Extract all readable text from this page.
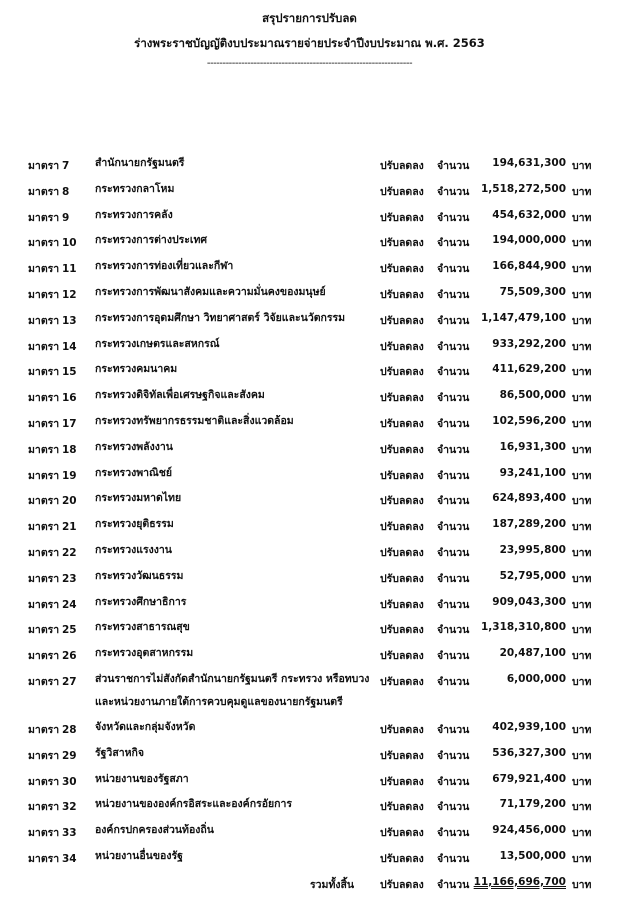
สรุปรายการปรับลด
ร่างพระราชบัญญัติงบประมาณรายจ่ายประจำปีงบประมาณ พ.ศ. 2563
------------------------------------------------------------------
มาตรา 7 สำนักนายกรัฐมนตรี	ปรับลดลง จำนวน 194,631,300 บาท
มาตรา 8 กระทรวงกลาโหม	ปรับลดลง จำนวน 1,518,272,500 บาท
มาตรา 9 กระทรวงการคลัง	ปรับลดลง จำนวน 454,632,000 บาท
มาตรา 10 กระทรวงการต่างประเทศ	ปรับลดลง จำนวน 194,000,000 บาท
มาตรา 11 กระทรวงการท่องเที่ยวและกีฬา	ปรับลดลง จำนวน 166,844,900 บาท
มาตรา 12 กระทรวงการพัฒนาสังคมและความมั่นคงของมนุษย์	ปรับลดลง จำนวน	75,509,300 บาท
มาตรา 13 กระทรวงการอุดมศึกษา วิทยาศาสตร์ วิจัยและนวัตกรรม	ปรับลดลง จำนวน 1,147,479,100 บาท
มาตรา 14 กระทรวงเกษตรและสหกรณ์	ปรับลดลง จำนวน 933,292,200 บาท
มาตรา 15 กระทรวงคมนาคม	ปรับลดลง จำนวน 411,629,200 บาท
มาตรา 16 กระทรวงดิจิทัลเพื่อเศรษฐกิจและสังคม	ปรับลดลง จำนวน	86,500,000 บาท
มาตรา 17 กระทรวงทรัพยากรธรรมชาติและสิ่งแวดล้อม	ปรับลดลง จำนวน 102,596,200 บาท
มาตรา 18 กระทรวงพลังงาน	ปรับลดลง จำนวน	16,931,300 บาท
มาตรา 19 กระทรวงพาณิชย์	ปรับลดลง จำนวน	93,241,100 บาท
มาตรา 20 กระทรวงมหาดไทย	ปรับลดลง จำนวน 624,893,400 บาท
มาตรา 21 กระทรวงยุติธรรม	ปรับลดลง จำนวน 187,289,200 บาท
มาตรา 22 กระทรวงแรงงาน	ปรับลดลง จำนวน	23,995,800 บาท
มาตรา 23 กระทรวงวัฒนธรรม	ปรับลดลง จำนวน	52,795,000 บาท
มาตรา 24 กระทรวงศึกษาธิการ	ปรับลดลง จำนวน 909,043,300 บาท
มาตรา 25 กระทรวงสาธารณสุข	ปรับลดลง จำนวน 1,318,310,800 บาท
มาตรา 26 กระทรวงอุตสาหกรรม	ปรับลดลง จำนวน	20,487,100 บาท
มาตรา 27 ส่วนราชการไม่สังกัดสำนักนายกรัฐมนตรี กระทรวง หรือทบวง และหน่วยงานภายใต้การควบคุมดูแลของนายกรัฐมนตรี
ปรับลดลง จำนวน	6,000,000 บาท
มาตรา 28 จังหวัดและกลุ่มจังหวัด	ปรับลดลง จำนวน 402,939,100 บาท
มาตรา 29 รัฐวิสาหกิจ	ปรับลดลง จำนวน 536,327,300 บาท
มาตรา 30 หน่วยงานของรัฐสภา	ปรับลดลง จำนวน 679,921,400 บาท
มาตรา 32 หน่วยงานขององค์กรอิสระและองค์กรอัยการ	ปรับลดลง จำนวน	71,179,200 บาท
มาตรา 33 องค์กรปกครองส่วนท้องถิ่น	ปรับลดลง จำนวน 924,456,000 บาท
มาตรา 34 หน่วยงานอื่นของรัฐ	ปรับลดลง จำนวน	13,500,000 บาท
รวมทั้งสิ้น ปรับลดลง จำนวน 11,166,696,700 บาท
